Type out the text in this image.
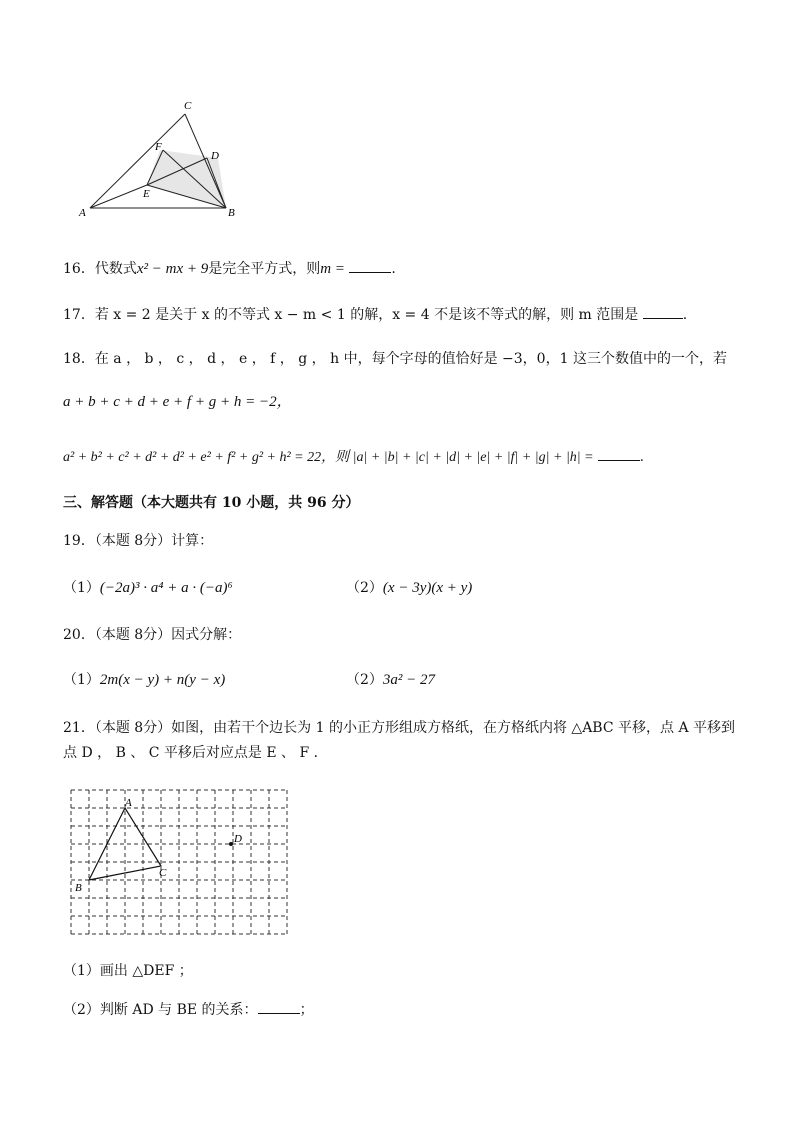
A	B
C
D
E
F
16．代数式x² − mx + 9是完全平方式，则m =	.
17．若 x = 2 是关于 x 的不等式 x − m < 1 的解，x = 4 不是该不等式的解，则 m 范围是	.
18．在 a ， b ， c ， d ， e ， f ， g ， h 中，每个字母的值恰好是 −3，0，1 这三个数值中的一个，若
a + b + c + d + e + f + g + h = −2，
a² + b² + c² + d² + d² + e² + f² + g² + h² = 22，则 |a| + |b| + |c| + |d| + |e| + |f| + |g| + |h| =	.
三、解答题（本大题共有 10 小题，共 96 分）
19．（本题 8分）计算：
（1）(−2a)³ · a⁴ + a · (−a)⁶	（2）(x − 3y)(x + y)
20．（本题 8分）因式分解：
（1）2m(x − y) + n(y − x)	（2）3a² − 27
21．（本题 8分）如图，由若干个边长为 1 的小正方形组成方格纸，在方格纸内将 △ABC 平移，点 A 平移到
点 D ， B 、 C 平移后对应点是 E 、 F ．
A
B
C
D
（1）画出 △DEF ；
（2）判断 AD 与 BE 的关系：	；
